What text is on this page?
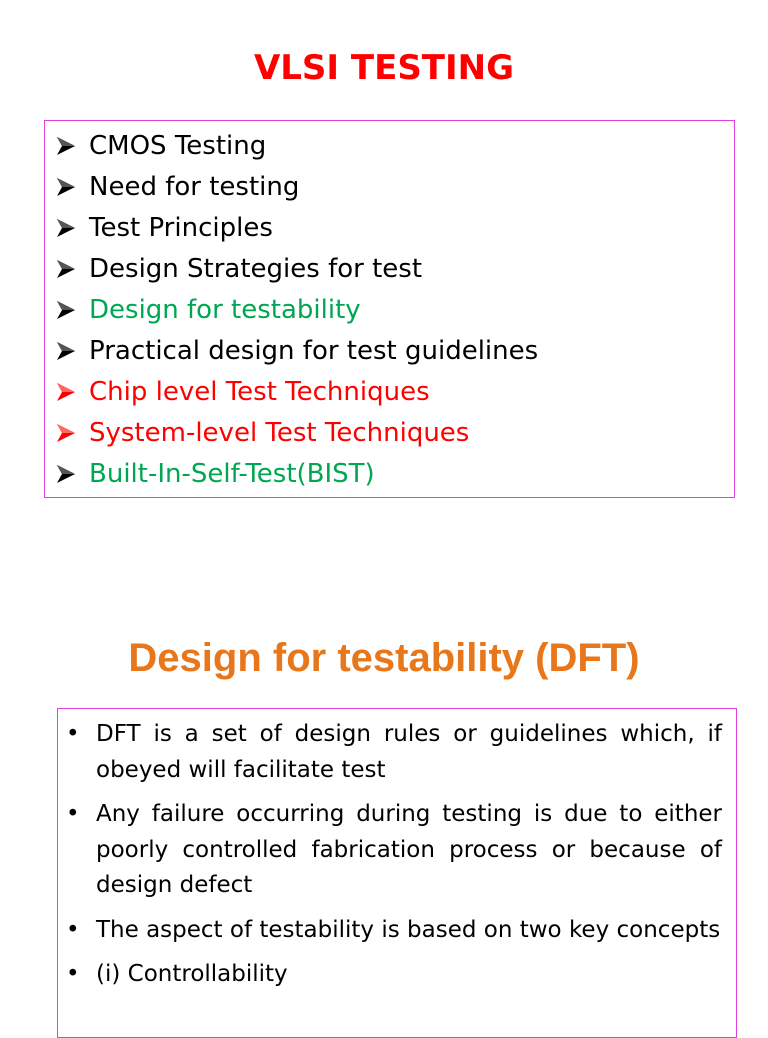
VLSI TESTING
CMOS Testing
Need for testing
Test Principles
Design Strategies for test
Design for testability
Practical design for test guidelines
Chip level Test Techniques
System-level Test Techniques
Built-In-Self-Test(BIST)
Design for testability (DFT)
• DFT is a set of design rules or guidelines which, if obeyed will facilitate test
• Any failure occurring during testing is due to either poorly controlled fabrication process or because of design defect
• The aspect of testability is based on two key concepts
• (i) Controllability
